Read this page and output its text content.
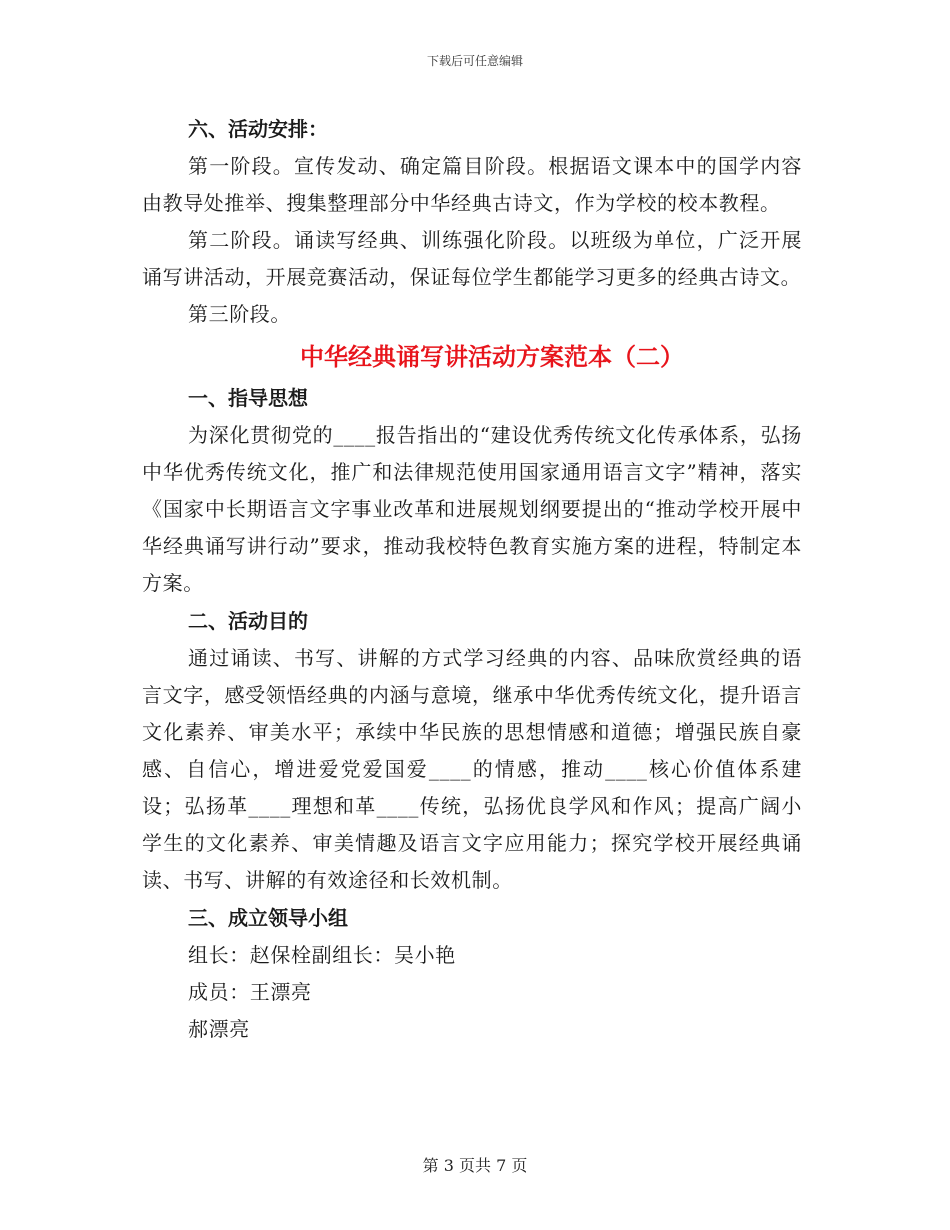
下载后可任意编辑

六、活动安排：

第一阶段。宣传发动、确定篇目阶段。根据语文课本中的国学内容由教导处推举、搜集整理部分中华经典古诗文，作为学校的校本教程。

第二阶段。诵读写经典、训练强化阶段。以班级为单位，广泛开展诵写讲活动，开展竞赛活动，保证每位学生都能学习更多的经典古诗文。

第三阶段。

中华经典诵写讲活动方案范本（二）

一、指导思想

为深化贯彻党的____报告指出的“建设优秀传统文化传承体系，弘扬中华优秀传统文化，推广和法律规范使用国家通用语言文字”精神，落实《国家中长期语言文字事业改革和进展规划纲要提出的“推动学校开展中华经典诵写讲行动”要求，推动我校特色教育实施方案的进程，特制定本方案。

二、活动目的

通过诵读、书写、讲解的方式学习经典的内容、品味欣赏经典的语言文字，感受领悟经典的内涵与意境，继承中华优秀传统文化，提升语言文化素养、审美水平；承续中华民族的思想情感和道德；增强民族自豪感、自信心，增进爱党爱国爱____的情感，推动____核心价值体系建设；弘扬革____理想和革____传统，弘扬优良学风和作风；提高广阔小学生的文化素养、审美情趣及语言文字应用能力；探究学校开展经典诵读、书写、讲解的有效途径和长效机制。

三、成立领导小组

组长：赵保栓副组长：吴小艳

成员：王漂亮

郝漂亮

第 3 页共 7 页
